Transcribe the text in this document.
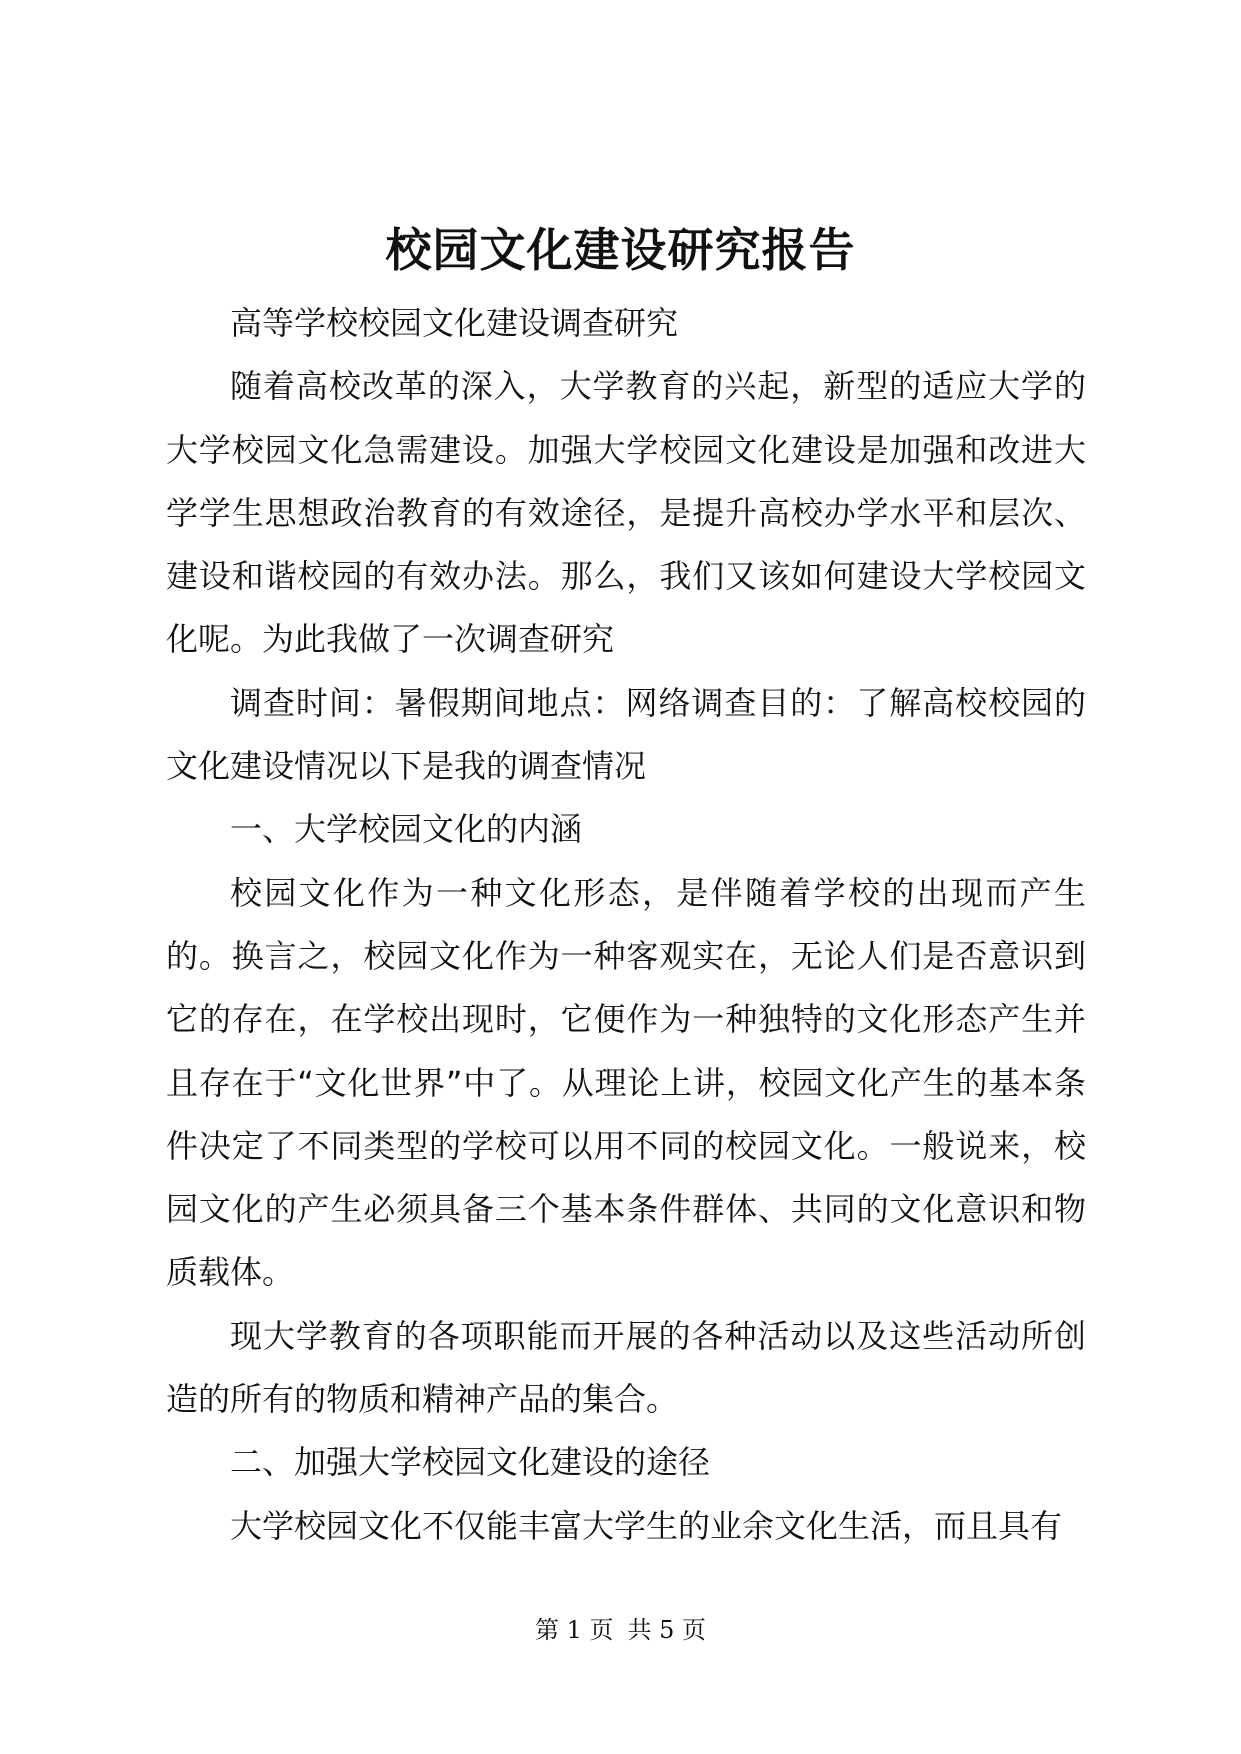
校园文化建设研究报告

高等学校校园文化建设调查研究

随着高校改革的深入，大学教育的兴起，新型的适应大学的大学校园文化急需建设。加强大学校园文化建设是加强和改进大学学生思想政治教育的有效途径，是提升高校办学水平和层次、建设和谐校园的有效办法。那么，我们又该如何建设大学校园文化呢。为此我做了一次调查研究

调查时间：暑假期间地点：网络调查目的：了解高校校园的文化建设情况以下是我的调查情况

一、大学校园文化的内涵

校园文化作为一种文化形态，是伴随着学校的出现而产生的。换言之，校园文化作为一种客观实在，无论人们是否意识到它的存在，在学校出现时，它便作为一种独特的文化形态产生并且存在于“文化世界”中了。从理论上讲，校园文化产生的基本条件决定了不同类型的学校可以用不同的校园文化。一般说来，校园文化的产生必须具备三个基本条件群体、共同的文化意识和物质载体。

现大学教育的各项职能而开展的各种活动以及这些活动所创造的所有的物质和精神产品的集合。

二、加强大学校园文化建设的途径

大学校园文化不仅能丰富大学生的业余文化生活，而且具有

第 1 页 共 5 页
